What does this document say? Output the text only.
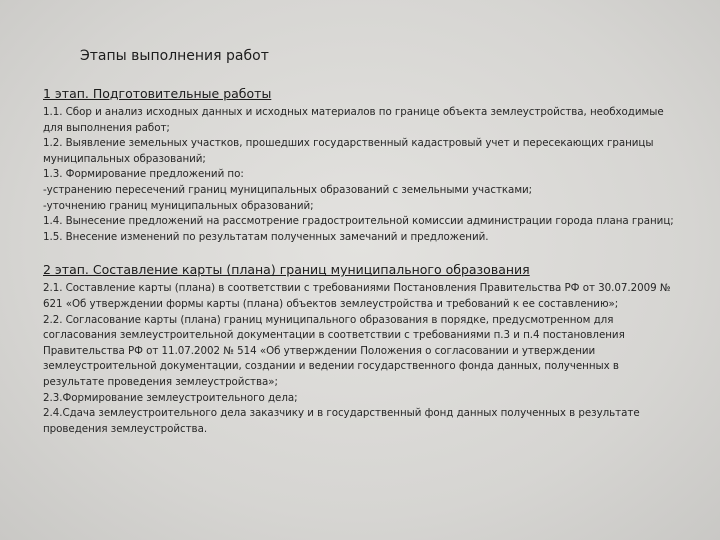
Этапы выполнения работ
1 этап. Подготовительные работы
1.1. Сбор и анализ исходных данных и исходных материалов по границе объекта землеустройства, необходимые для выполнения работ;
1.2. Выявление земельных участков, прошедших государственный кадастровый учет и пересекающих границы муниципальных образований;
1.3. Формирование предложений по:
-устранению пересечений границ муниципальных образований с земельными участками;
-уточнению границ муниципальных образований;
1.4. Вынесение предложений на рассмотрение градостроительной комиссии администрации города плана границ;
1.5. Внесение изменений по результатам полученных замечаний и предложений.
2 этап. Составление карты (плана) границ муниципального образования
2.1. Составление карты (плана) в соответствии с требованиями Постановления Правительства РФ от 30.07.2009 № 621 «Об утверждении формы карты (плана) объектов землеустройства и требований к ее составлению»;
2.2. Согласование карты (плана) границ муниципального образования в порядке, предусмотренном для согласования землеустроительной документации в соответствии с требованиями п.3 и п.4 постановления Правительства РФ от 11.07.2002 № 514 «Об утверждении Положения о согласовании и утверждении землеустроительной документации, создании и ведении государственного фонда данных, полученных в результате проведения землеустройства»;
2.3.Формирование землеустроительного дела;
2.4.Сдача землеустроительного дела заказчику и в государственный фонд данных полученных в результате проведения землеустройства.
